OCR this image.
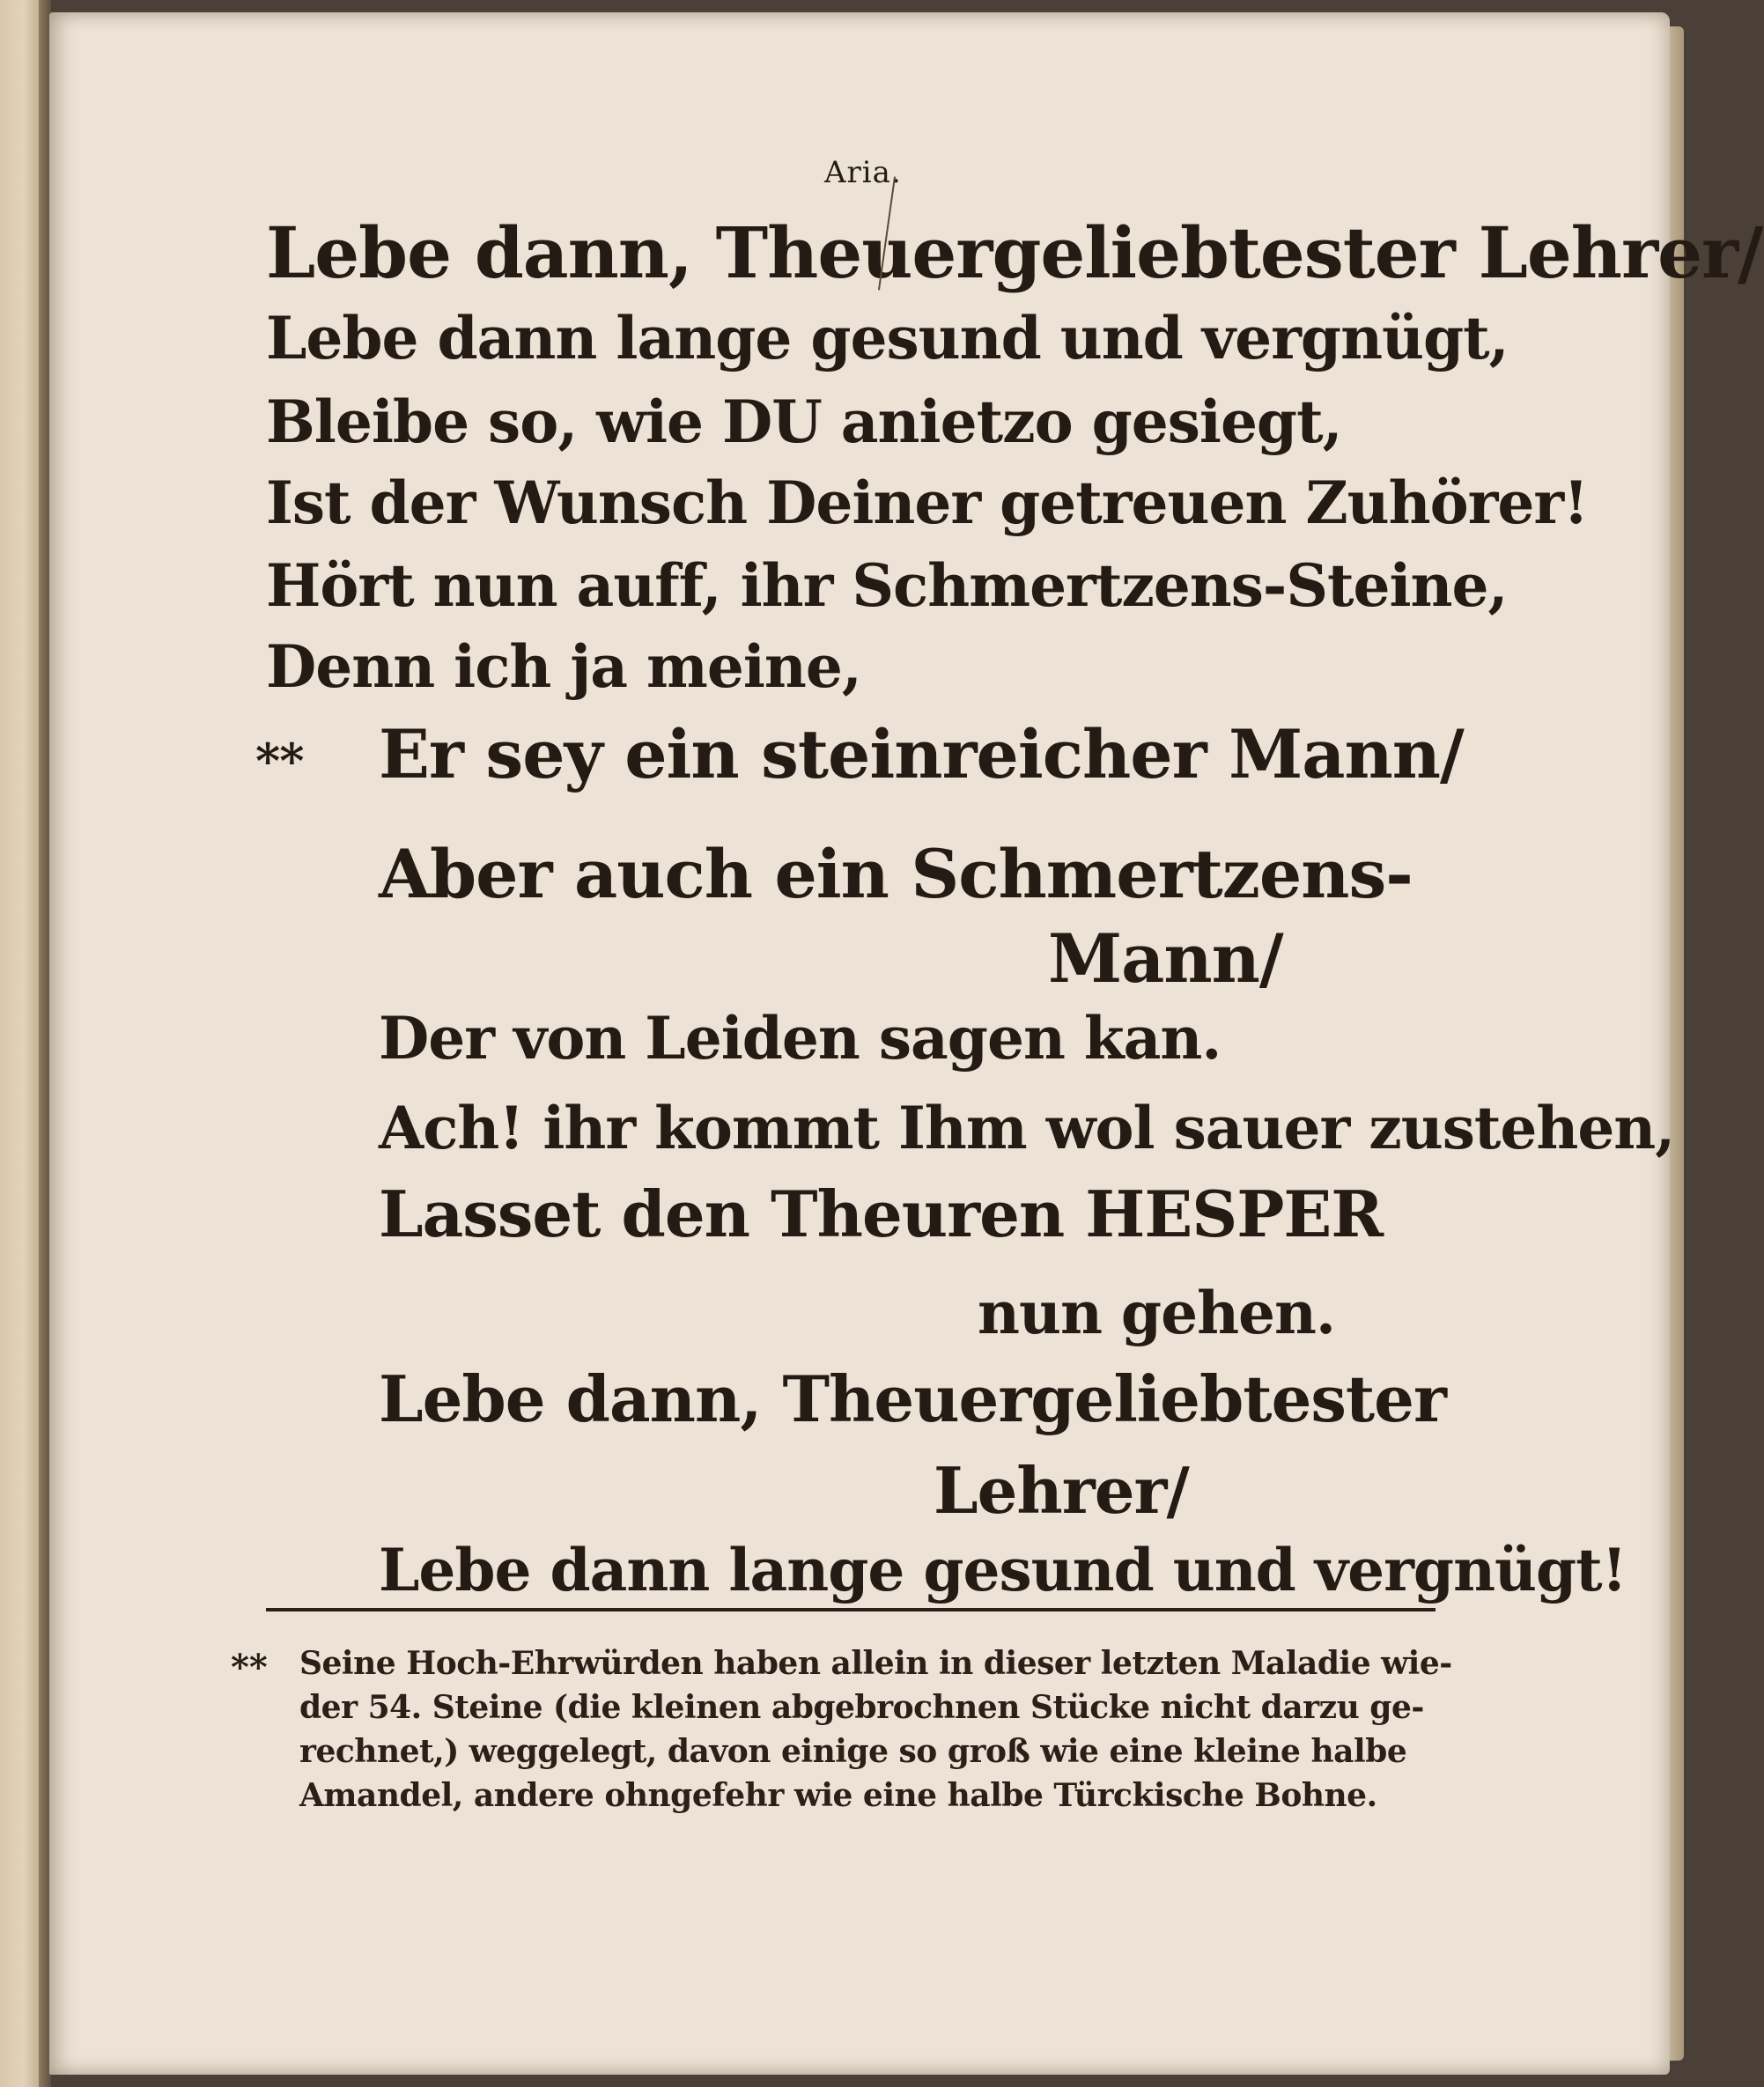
Aria.

Lebe dann, Theuergeliebtester Lehrer/

Lebe dann lange gesund und vergnügt,

Bleibe so, wie DU anietzo gesiegt,

Ist der Wunsch Deiner getreuen Zuhörer!

Hört nun auff, ihr Schmertzens-Steine,

Denn ich ja meine,

** Er sey ein steinreicher Mann/

Aber auch ein Schmertzens-

Mann/

Der von Leiden sagen kan.

Ach! ihr kommt Ihm wol sauer zustehen,

Lasset den Theuren HESPER

nun gehen.

Lebe dann, Theuergeliebtester

Lehrer/

Lebe dann lange gesund und vergnügt!

** Seine Hoch-Ehrwürden haben allein in dieser letzten Maladie wie-

der 54. Steine (die kleinen abgebrochnen Stücke nicht darzu ge-

rechnet,) weggelegt, davon einige so groß wie eine kleine halbe

Amandel, andere ohngefehr wie eine halbe Türckische Bohne.
